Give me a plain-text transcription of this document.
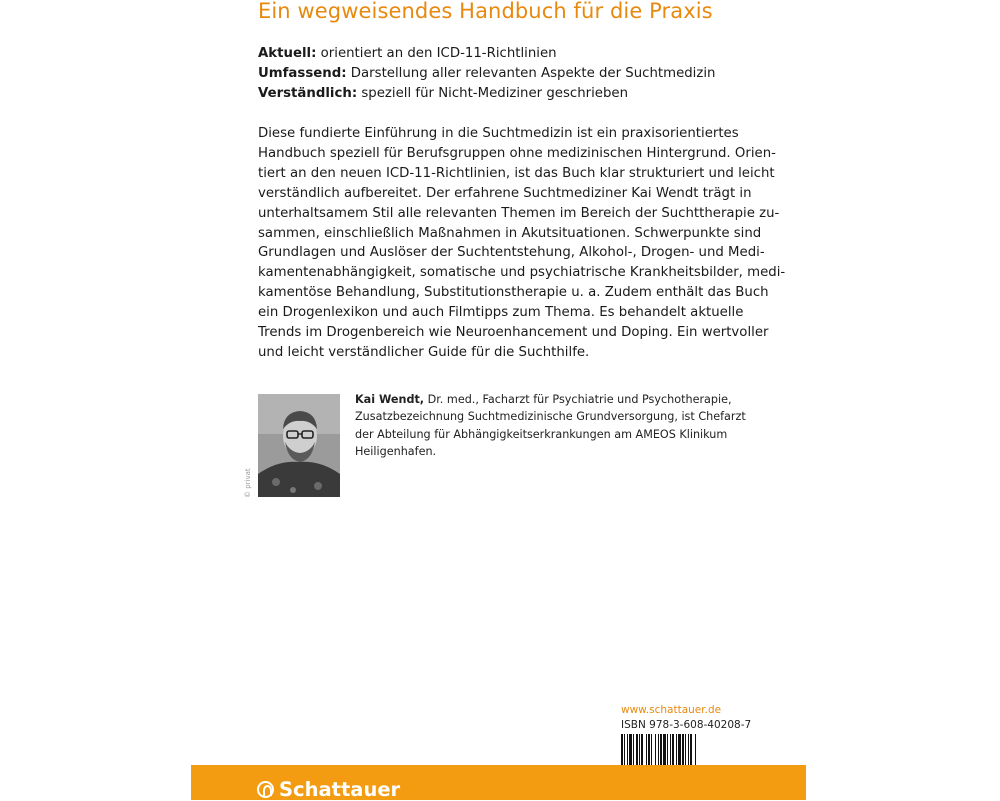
Ein wegweisendes Handbuch für die Praxis
Aktuell: orientiert an den ICD-11-Richtlinien
Umfassend: Darstellung aller relevanten Aspekte der Suchtmedizin
Verständlich: speziell für Nicht-Mediziner geschrieben
Diese fundierte Einführung in die Suchtmedizin ist ein praxisorientiertes
Handbuch speziell für Berufsgruppen ohne medizinischen Hintergrund. Orien-
tiert an den neuen ICD-11-Richtlinien, ist das Buch klar strukturiert und leicht
verständlich aufbereitet. Der erfahrene Suchtmediziner Kai Wendt trägt in
unterhaltsamem Stil alle relevanten Themen im Bereich der Suchttherapie zu-
sammen, einschließlich Maßnahmen in Akutsituationen. Schwerpunkte sind
Grundlagen und Auslöser der Suchtentstehung, Alkohol-, Drogen- und Medi-
kamentenabhängigkeit, somatische und psychiatrische Krankheitsbilder, medi-
kamentöse Behandlung, Substitutionstherapie u. a. Zudem enthält das Buch
ein Drogenlexikon und auch Filmtipps zum Thema. Es behandelt aktuelle
Trends im Drogenbereich wie Neuroenhancement und Doping. Ein wertvoller
und leicht verständlicher Guide für die Suchthilfe.
© privat
Kai Wendt, Dr. med., Facharzt für Psychiatrie und Psychotherapie,
Zusatzbezeichnung Suchtmedizinische Grundversorgung, ist Chefarzt
der Abteilung für Abhängigkeitserkrankungen am AMEOS Klinikum
Heiligenhafen.
www.schattauer.de
ISBN 978-3-608-40208-7
Schattauer
